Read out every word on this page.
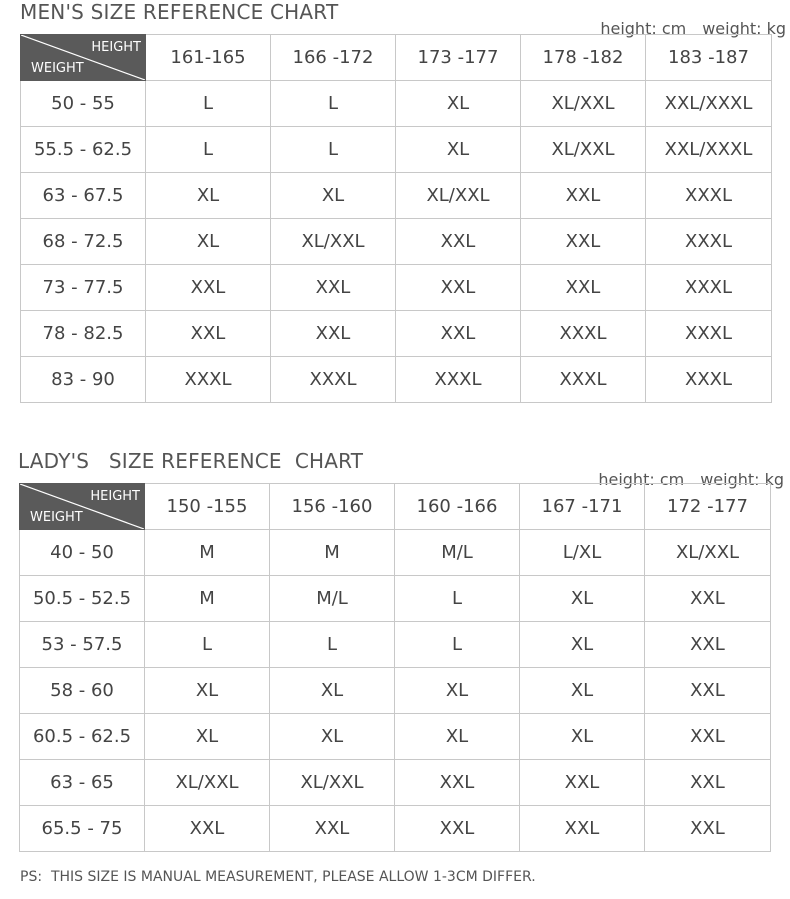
MEN'S SIZE REFERENCE CHART

height: cm weight: kg

HEIGHT
WEIGHT	161-165	166 -172	173 -177	178 -182	183 -187
50 - 55	L	L	XL	XL/XXL	XXL/XXXL
55.5 - 62.5	L	L	XL	XL/XXL	XXL/XXXL
63 - 67.5	XL	XL	XL/XXL	XXL	XXXL
68 - 72.5	XL	XL/XXL	XXL	XXL	XXXL
73 - 77.5	XXL	XXL	XXL	XXL	XXXL
78 - 82.5	XXL	XXL	XXL	XXXL	XXXL
83 - 90	XXXL	XXXL	XXXL	XXXL	XXXL
LADY'S   SIZE REFERENCE  CHART

height: cm weight: kg

HEIGHT
WEIGHT	150 -155	156 -160	160 -166	167 -171	172 -177
40 - 50	M	M	M/L	L/XL	XL/XXL
50.5 - 52.5	M	M/L	L	XL	XXL
53 - 57.5	L	L	L	XL	XXL
58 - 60	XL	XL	XL	XL	XXL
60.5 - 62.5	XL	XL	XL	XL	XXL
63 - 65	XL/XXL	XL/XXL	XXL	XXL	XXL
65.5 - 75	XXL	XXL	XXL	XXL	XXL
PS:  THIS SIZE IS MANUAL MEASUREMENT, PLEASE ALLOW 1-3CM DIFFER.
